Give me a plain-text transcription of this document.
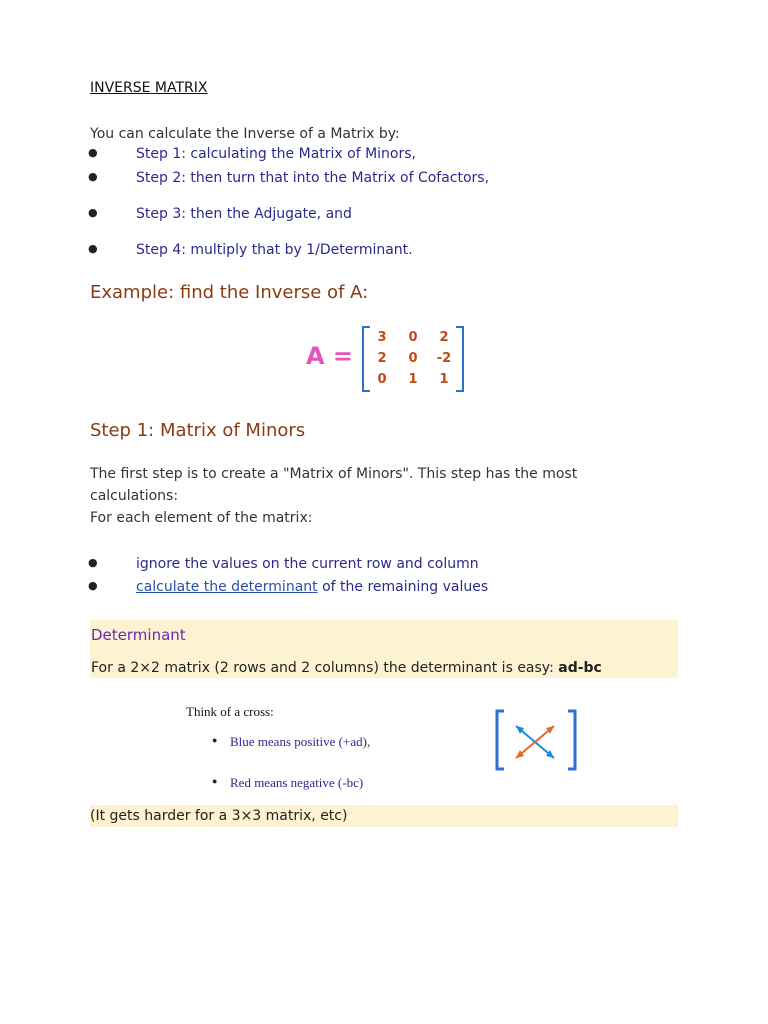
INVERSE MATRIX
You can calculate the Inverse of a Matrix by:
●	Step 1: calculating the Matrix of Minors,
●	Step 2: then turn that into the Matrix of Cofactors,
●	Step 3: then the Adjugate, and
●	Step 4: multiply that by 1/Determinant.
Example: find the Inverse of A:
A =
3	0	2
2	0	-2
0	1	1
Step 1: Matrix of Minors
The first step is to create a "Matrix of Minors". This step has the most
calculations:
For each element of the matrix:
●	ignore the values on the current row and column
●	calculate the determinant of the remaining values
Determinant
For a 2×2 matrix (2 rows and 2 columns) the determinant is easy: ad-bc
Think of a cross:
● Blue means positive (+ad),
● Red means negative (-bc)
(It gets harder for a 3×3 matrix, etc)
